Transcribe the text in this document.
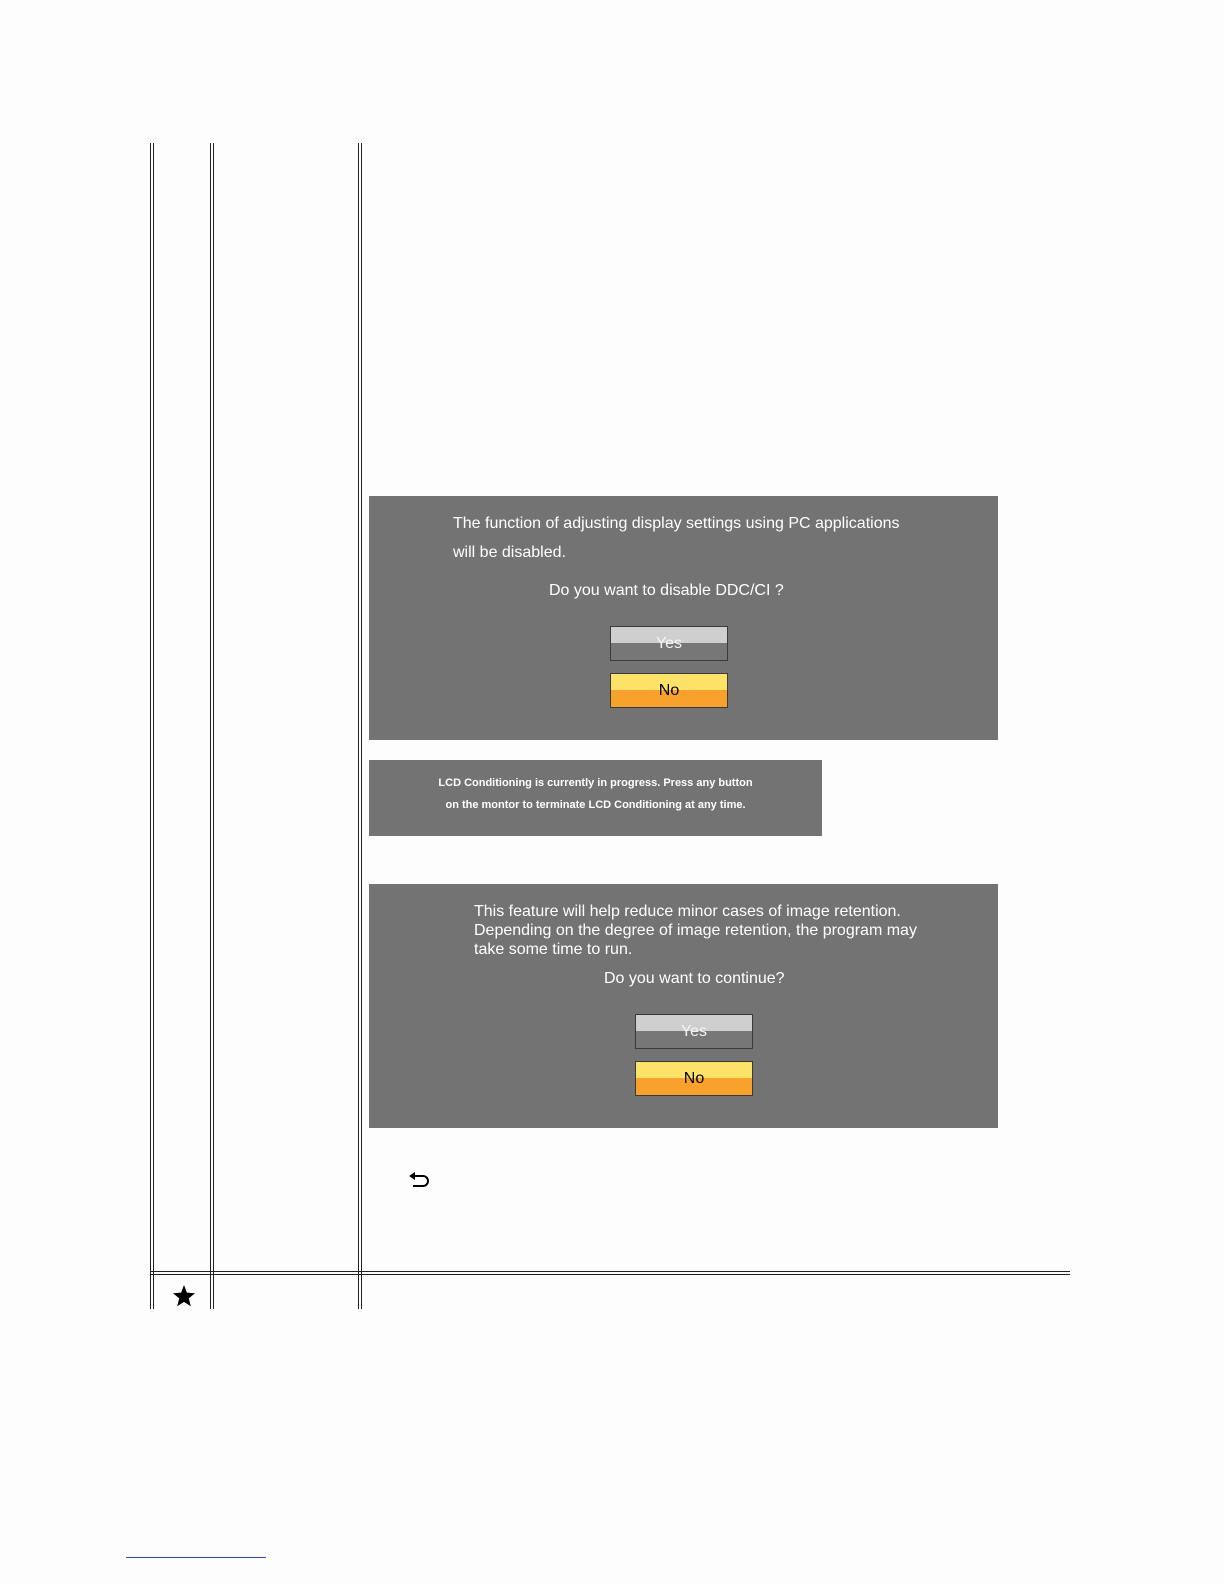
The function of adjusting display settings using PC applications
will be disabled.
Do you want to disable DDC/CI ?
Yes
No
LCD Conditioning is currently in progress. Press any button
on the montor to terminate LCD Conditioning at any time.
This feature will help reduce minor cases of image retention.
Depending on the degree of image retention, the program may
take some time to run.
Do you want to continue?
Yes
No
